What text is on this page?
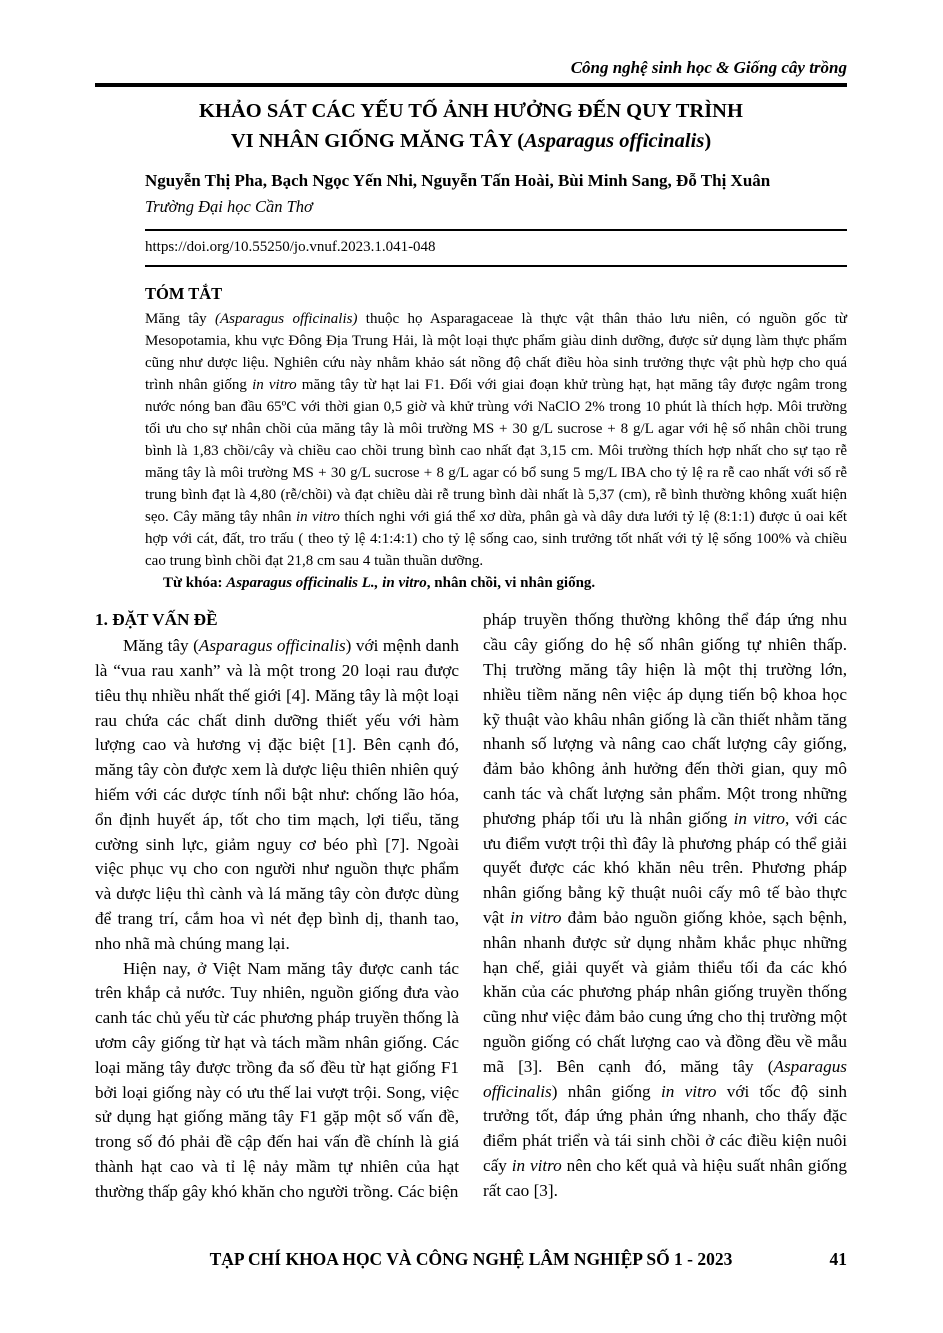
Công nghệ sinh học & Giống cây trồng
KHẢO SÁT CÁC YẾU TỐ ẢNH HƯỞNG ĐẾN QUY TRÌNH
VI NHÂN GIỐNG MĂNG TÂY (Asparagus officinalis)
Nguyễn Thị Pha, Bạch Ngọc Yến Nhi, Nguyễn Tấn Hoài, Bùi Minh Sang, Đỗ Thị Xuân
Trường Đại học Cần Thơ
https://doi.org/10.55250/jo.vnuf.2023.1.041-048
TÓM TẮT

Măng tây (Asparagus officinalis) thuộc họ Asparagaceae là thực vật thân thảo lưu niên, có nguồn gốc từ Mesopotamia, khu vực Đông Địa Trung Hải, là một loại thực phẩm giàu dinh dưỡng, được sử dụng làm thực phẩm cũng như dược liệu. Nghiên cứu này nhằm khảo sát nồng độ chất điều hòa sinh trưởng thực vật phù hợp cho quá trình nhân giống in vitro măng tây từ hạt lai F1. Đối với giai đoạn khử trùng hạt, hạt măng tây được ngâm trong nước nóng ban đầu 65ºC với thời gian 0,5 giờ và khử trùng với NaClO 2% trong 10 phút là thích hợp. Môi trường tối ưu cho sự nhân chồi của măng tây là môi trường MS + 30 g/L sucrose + 8 g/L agar với hệ số nhân chồi trung bình là 1,83 chồi/cây và chiều cao chồi trung bình cao nhất đạt 3,15 cm. Môi trường thích hợp nhất cho sự tạo rễ măng tây là môi trường MS + 30 g/L sucrose + 8 g/L agar có bổ sung 5 mg/L IBA cho tỷ lệ ra rễ cao nhất với số rễ trung bình đạt là 4,80 (rễ/chồi) và đạt chiều dài rễ trung bình dài nhất là 5,37 (cm), rễ bình thường không xuất hiện sẹo. Cây măng tây nhân in vitro thích nghi với giá thể xơ dừa, phân gà và dây dưa lưới tỷ lệ (8:1:1) được ủ oai kết hợp với cát, đất, tro trấu ( theo tỷ lệ 4:1:4:1) cho tỷ lệ sống cao, sinh trưởng tốt nhất với tỷ lệ sống 100% và chiều cao trung bình chồi đạt 21,8 cm sau 4 tuần thuần dưỡng.

Từ khóa: Asparagus officinalis L., in vitro, nhân chồi, vi nhân giống.

1. ĐẶT VẤN ĐỀ

Măng tây (Asparagus officinalis) với mệnh danh là “vua rau xanh” và là một trong 20 loại rau được tiêu thụ nhiều nhất thế giới [4]. Măng tây là một loại rau chứa các chất dinh dưỡng thiết yếu với hàm lượng cao và hương vị đặc biệt [1]. Bên cạnh đó, măng tây còn được xem là dược liệu thiên nhiên quý hiếm với các dược tính nổi bật như: chống lão hóa, ổn định huyết áp, tốt cho tim mạch, lợi tiểu, tăng cường sinh lực, giảm nguy cơ béo phì [7]. Ngoài việc phục vụ cho con người như nguồn thực phẩm và dược liệu thì cành và lá măng tây còn được dùng để trang trí, cắm hoa vì nét đẹp bình dị, thanh tao, nho nhã mà chúng mang lại.

Hiện nay, ở Việt Nam măng tây được canh tác trên khắp cả nước. Tuy nhiên, nguồn giống đưa vào canh tác chủ yếu từ các phương pháp truyền thống là ươm cây giống từ hạt và tách mầm nhân giống. Các loại măng tây được trồng đa số đều từ hạt giống F1 bởi loại giống này có ưu thế lai vượt trội. Song, việc sử dụng hạt giống măng tây F1 gặp một số vấn đề, trong số đó phải đề cập đến hai vấn đề chính là giá thành hạt cao và tỉ lệ nảy mầm tự nhiên của hạt thường thấp gây khó khăn cho người trồng. Các biện

pháp truyền thống thường không thể đáp ứng nhu cầu cây giống do hệ số nhân giống tự nhiên thấp. Thị trường măng tây hiện là một thị trường lớn, nhiều tiềm năng nên việc áp dụng tiến bộ khoa học kỹ thuật vào khâu nhân giống là cần thiết nhằm tăng nhanh số lượng và nâng cao chất lượng cây giống, đảm bảo không ảnh hưởng đến thời gian, quy mô canh tác và chất lượng sản phẩm. Một trong những phương pháp tối ưu là nhân giống in vitro, với các ưu điểm vượt trội thì đây là phương pháp có thể giải quyết được các khó khăn nêu trên. Phương pháp nhân giống bằng kỹ thuật nuôi cấy mô tế bào thực vật in vitro đảm bảo nguồn giống khỏe, sạch bệnh, nhân nhanh được sử dụng nhằm khắc phục những hạn chế, giải quyết và giảm thiểu tối đa các khó khăn của các phương pháp nhân giống truyền thống cũng như việc đảm bảo cung ứng cho thị trường một nguồn giống có chất lượng cao và đồng đều về mẫu mã [3]. Bên cạnh đó, măng tây (Asparagus officinalis) nhân giống in vitro với tốc độ sinh trưởng tốt, đáp ứng phản ứng nhanh, cho thấy đặc điểm phát triển và tái sinh chồi ở các điều kiện nuôi cấy in vitro nên cho kết quả và hiệu suất nhân giống rất cao [3].

TẠP CHÍ KHOA HỌC VÀ CÔNG NGHỆ LÂM NGHIỆP SỐ 1 - 2023	41
